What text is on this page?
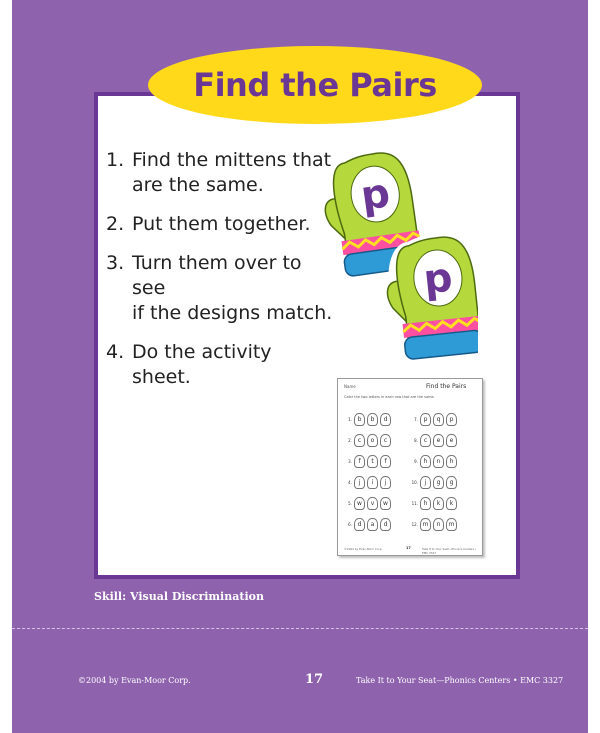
Find the Pairs
1. Find the mittens that
are the same.
2. Put them together.
3. Turn them over to see
if the designs match.
4. Do the activity sheet.
p
p
Name	Find the Pairs
Color the two letters in each row that are the same.
1. b	b	d	7. p	q	p
2. c	o	c	8. c	e	e
3.	f	t	f	9. h	n	h
4.	j	i	j	10.	j	g	g
5. w	v	w	11. h	k	k
6. d	a	d	12. m	n	m
©2004 by Evan-Moor Corp.	17	Take It to Your Seat—Phonics Centers • EMC 3327
Skill: Visual Discrimination
©2004 by Evan-Moor Corp.	17	Take It to Your Seat—Phonics Centers • EMC 3327
